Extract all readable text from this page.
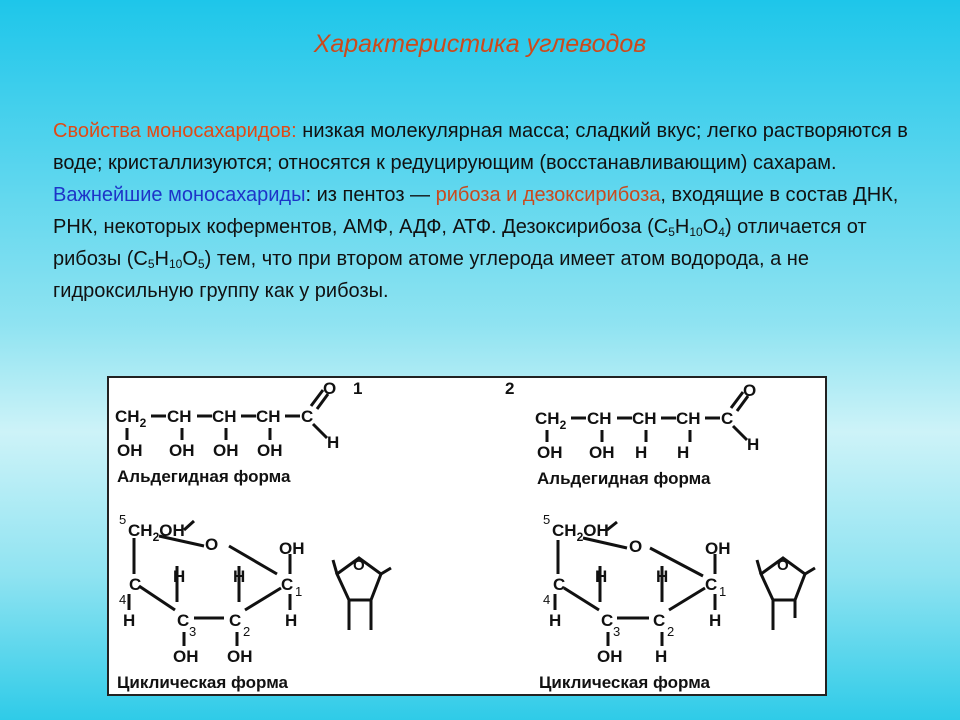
Характеристика углеводов

Свойства моносахаридов: низкая молекулярная масса; сладкий вкус; легко растворяются в воде; кристаллизуются; относятся к редуцирующим (восстанавливающим) сахарам.

Важнейшие моносахариды: из пентоз — рибоза и дезоксирибоза, входящие в состав ДНК, РНК, некоторых коферментов, АМФ, АДФ, АТФ. Дезоксирибоза $(C_5H_{10}O_4)$ отличается от рибозы $(C_5H_{10}O_5)$ тем, что при втором атоме углерода имеет атом водорода, а не гидроксильную группу как у рибозы.

$CH_2$ CH CH CH C
O 1
H
OH OH OH OH
Альдегидная форма
2
$CH_2$ CH CH CH C
O
H
OH OH H H
Альдегидная форма
5
$CH_2OH$
O	OH
C
4
H	H C 1
H	H
C
3
C
2
OH OH
Циклическая форма
5
$CH_2OH$
O	OH
C
4
H	H C 1
H	H
C
3
C
2
OH H
Циклическая форма
O	O
